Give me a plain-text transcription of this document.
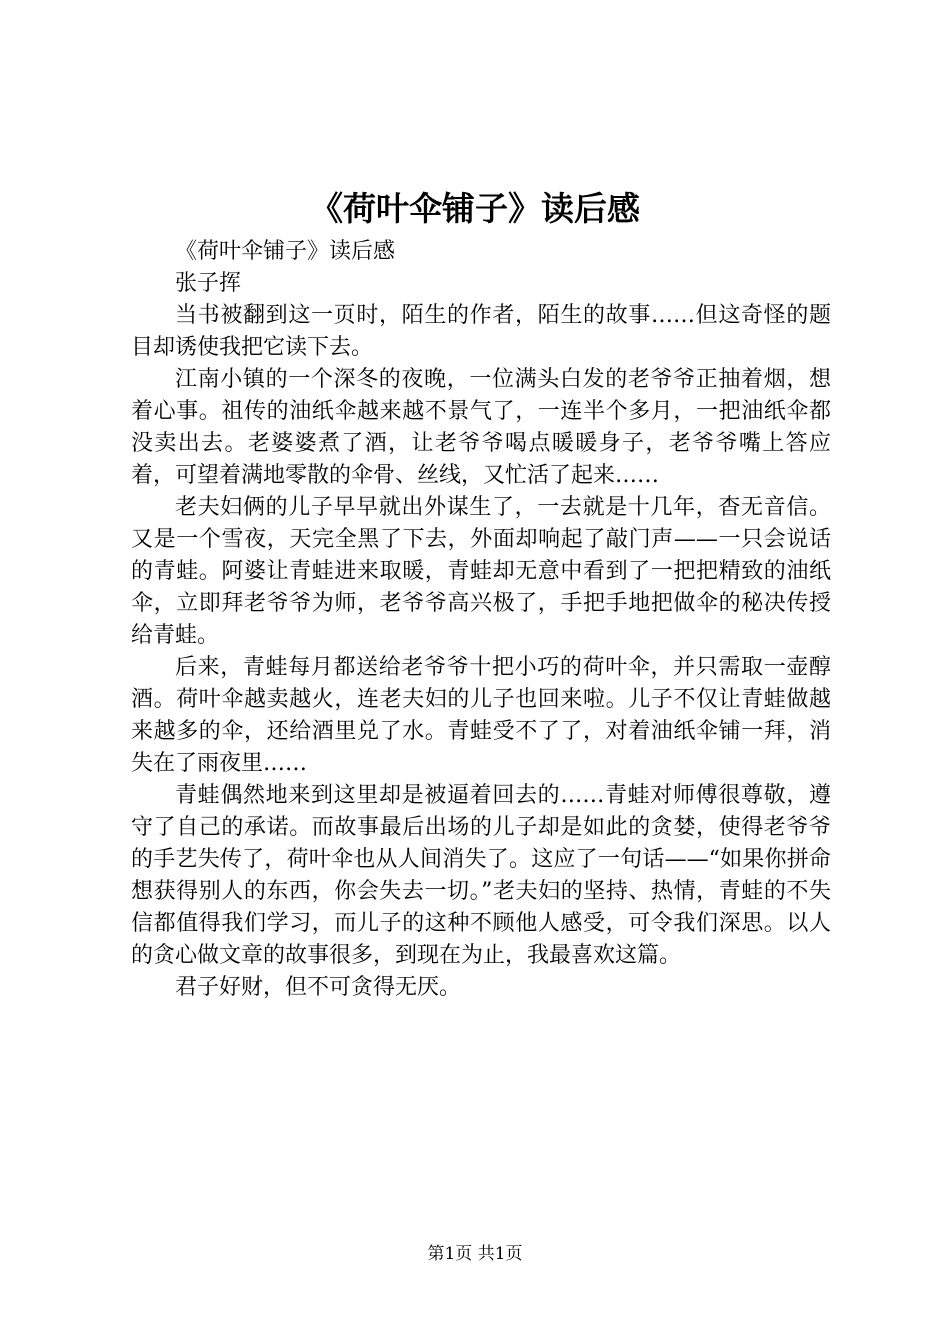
《荷叶伞铺子》读后感

《荷叶伞铺子》读后感

张子挥

当书被翻到这一页时，陌生的作者，陌生的故事……但这奇怪的题目却诱使我把它读下去。

江南小镇的一个深冬的夜晚，一位满头白发的老爷爷正抽着烟，想着心事。祖传的油纸伞越来越不景气了，一连半个多月，一把油纸伞都没卖出去。老婆婆煮了酒，让老爷爷喝点暖暖身子，老爷爷嘴上答应着，可望着满地零散的伞骨、丝线，又忙活了起来……

老夫妇俩的儿子早早就出外谋生了，一去就是十几年，杳无音信。又是一个雪夜，天完全黑了下去，外面却响起了敲门声——一只会说话的青蛙。阿婆让青蛙进来取暖，青蛙却无意中看到了一把把精致的油纸伞，立即拜老爷爷为师，老爷爷高兴极了，手把手地把做伞的秘决传授给青蛙。

后来，青蛙每月都送给老爷爷十把小巧的荷叶伞，并只需取一壶醇酒。荷叶伞越卖越火，连老夫妇的儿子也回来啦。儿子不仅让青蛙做越来越多的伞，还给酒里兑了水。青蛙受不了了，对着油纸伞铺一拜，消失在了雨夜里……

青蛙偶然地来到这里却是被逼着回去的……青蛙对师傅很尊敬，遵守了自己的承诺。而故事最后出场的儿子却是如此的贪婪，使得老爷爷的手艺失传了，荷叶伞也从人间消失了。这应了一句话——“如果你拼命想获得别人的东西，你会失去一切。”老夫妇的坚持、热情，青蛙的不失信都值得我们学习，而儿子的这种不顾他人感受，可令我们深思。以人的贪心做文章的故事很多，到现在为止，我最喜欢这篇。

君子好财，但不可贪得无厌。

第1页 共1页
